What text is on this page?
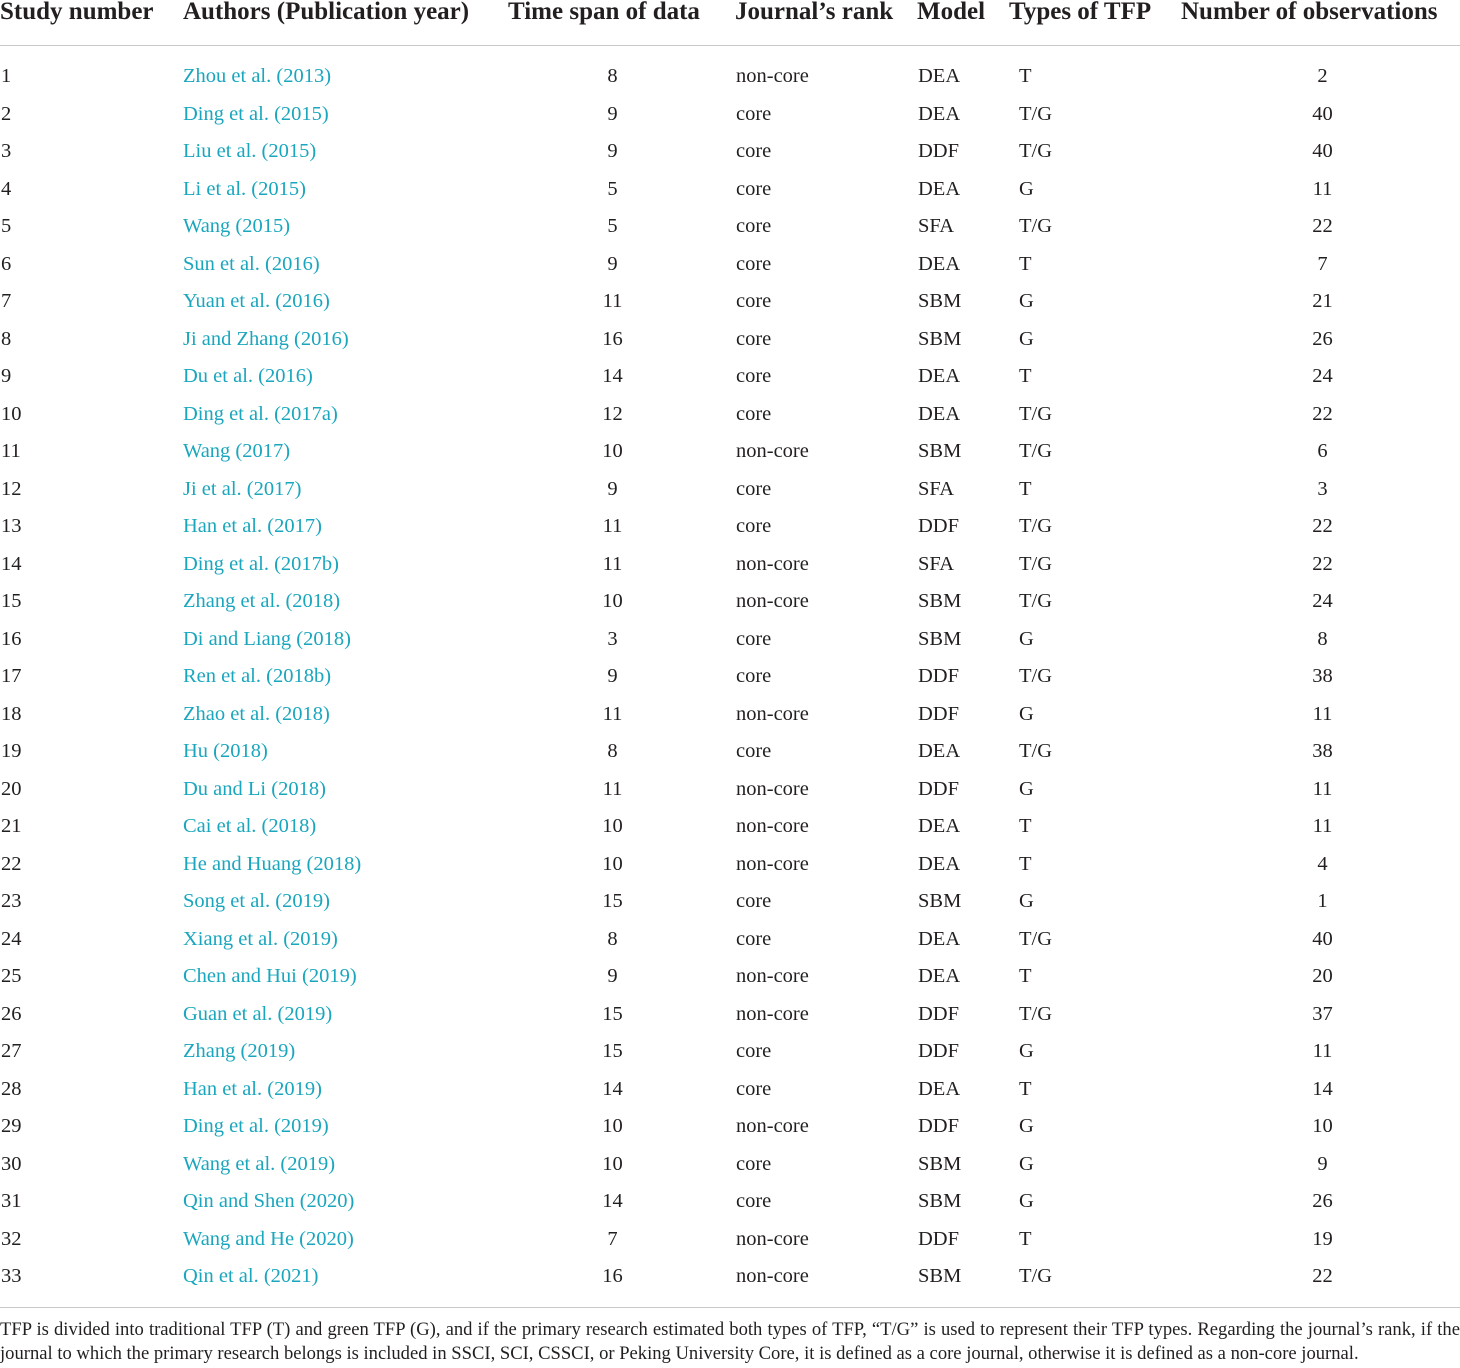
Study number	Authors (Publication year)	Time span of data	Journal’s rank	Model	Types of TFP	Number of observations
1	Zhou et al. (2013)	8	non-core	DEA	T	2
2	Ding et al. (2015)	9	core	DEA	T/G	40
3	Liu et al. (2015)	9	core	DDF	T/G	40
4	Li et al. (2015)	5	core	DEA	G	11
5	Wang (2015)	5	core	SFA	T/G	22
6	Sun et al. (2016)	9	core	DEA	T	7
7	Yuan et al. (2016)	11	core	SBM	G	21
8	Ji and Zhang (2016)	16	core	SBM	G	26
9	Du et al. (2016)	14	core	DEA	T	24
10	Ding et al. (2017a)	12	core	DEA	T/G	22
11	Wang (2017)	10	non-core	SBM	T/G	6
12	Ji et al. (2017)	9	core	SFA	T	3
13	Han et al. (2017)	11	core	DDF	T/G	22
14	Ding et al. (2017b)	11	non-core	SFA	T/G	22
15	Zhang et al. (2018)	10	non-core	SBM	T/G	24
16	Di and Liang (2018)	3	core	SBM	G	8
17	Ren et al. (2018b)	9	core	DDF	T/G	38
18	Zhao et al. (2018)	11	non-core	DDF	G	11
19	Hu (2018)	8	core	DEA	T/G	38
20	Du and Li (2018)	11	non-core	DDF	G	11
21	Cai et al. (2018)	10	non-core	DEA	T	11
22	He and Huang (2018)	10	non-core	DEA	T	4
23	Song et al. (2019)	15	core	SBM	G	1
24	Xiang et al. (2019)	8	core	DEA	T/G	40
25	Chen and Hui (2019)	9	non-core	DEA	T	20
26	Guan et al. (2019)	15	non-core	DDF	T/G	37
27	Zhang (2019)	15	core	DDF	G	11
28	Han et al. (2019)	14	core	DEA	T	14
29	Ding et al. (2019)	10	non-core	DDF	G	10
30	Wang et al. (2019)	10	core	SBM	G	9
31	Qin and Shen (2020)	14	core	SBM	G	26
32	Wang and He (2020)	7	non-core	DDF	T	19
33	Qin et al. (2021)	16	non-core	SBM	T/G	22
TFP is divided into traditional TFP (T) and green TFP (G), and if the primary research estimated both types of TFP, “T/G” is used to represent their TFP types. Regarding the journal’s rank, if the journal to which the primary research belongs is included in SSCI, SCI, CSSCI, or Peking University Core, it is defined as a core journal, otherwise it is defined as a non-core journal.
